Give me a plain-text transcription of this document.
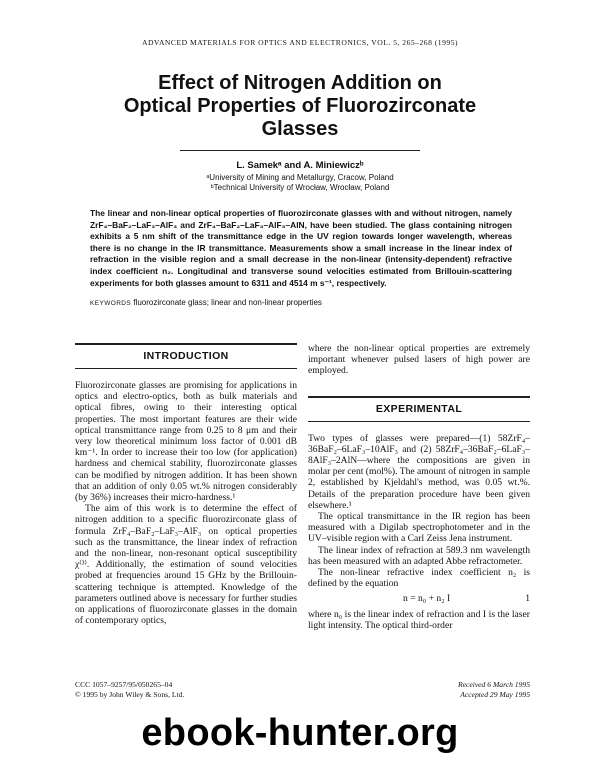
ADVANCED MATERIALS FOR OPTICS AND ELECTRONICS, VOL. 5, 265–268 (1995)
Effect of Nitrogen Addition on
Optical Properties of Fluorozirconate
Glasses
L. Samekᵃ and A. Miniewiczᵇ
ᵃUniversity of Mining and Metallurgy, Cracow, Poland
ᵇTechnical University of Wrocław, Wrocław, Poland
The linear and non-linear optical properties of fluorozirconate glasses with and without nitrogen, namely ZrF₄–BaF₂–LaF₃–AlF₃ and ZrF₄–BaF₂–LaF₃–AlF₃–AlN, have been studied. The glass containing nitrogen exhibits a 5 nm shift of the transmittance edge in the UV region towards longer wavelength, whereas there is no change in the IR transmittance. Measurements show a small increase in the linear index of refraction in the visible region and a small decrease in the non-linear (intensity-dependent) refractive index coefficient n₂. Longitudinal and transverse sound velocities estimated from Brillouin-scattering experiments for both glasses amount to 6311 and 4514 m s⁻¹, respectively.
KEYWORDS fluorozirconate glass; linear and non-linear properties
INTRODUCTION

Fluorozirconate glasses are promising for applications in optics and electro-optics, both as bulk materials and optical fibres, owing to their interesting optical properties. The most important features are their wide optical transmittance range from 0.25 to 8 μm and their very low theoretical minimum loss factor of 0.001 dB km⁻¹. In order to increase their too low (for application) hardness and chemical stability, fluorozirconate glasses can be modified by nitrogen addition. It has been shown that an addition of only 0.05 wt.% nitrogen considerably (by 36%) increases their micro-hardness.¹

The aim of this work is to determine the effect of nitrogen addition to a specific fluorozirconate glass of formula ZrF₄–BaF₂–LaF₃–AlF₃ on optical properties such as the transmittance, the linear index of refraction and the non-linear, non-resonant optical susceptibility χ⁽³⁾. Additionally, the estimation of sound velocities probed at frequencies around 15 GHz by the Brillouin-scattering technique is attempted. Knowledge of the parameters outlined above is necessary for further studies on applications of fluorozirconate glasses in the domain of contemporary optics,

where the non-linear optical properties are extremely important whenever pulsed lasers of high power are employed.

EXPERIMENTAL

Two types of glasses were prepared—(1) 58ZrF₄–36BaF₂–6LaF₃–10AlF₃ and (2) 58ZrF₄–36BaF₂–6LaF₃–8AlF₃–2AlN—where the compositions are given in molar per cent (mol%). The amount of nitrogen in sample 2, established by Kjeldahl's method, was 0.05 wt.%. Details of the preparation procedure have been given elsewhere.¹

The optical transmittance in the IR region has been measured with a Digilab spectrophotometer and in the UV–visible region with a Carl Zeiss Jena instrument.

The linear index of refraction at 589.3 nm wavelength has been measured with an adapted Abbe refractometer.

The non-linear refractive index coefficient n₂ is defined by the equation

n = n₀ + n₂ I	1

where n₀ is the linear index of refraction and I is the laser light intensity. The optical third-order

CCC 1057–9257/95/050265–04
© 1995 by John Wiley & Sons, Ltd.
Received 6 March 1995
Accepted 29 May 1995
ebook-hunter.org
